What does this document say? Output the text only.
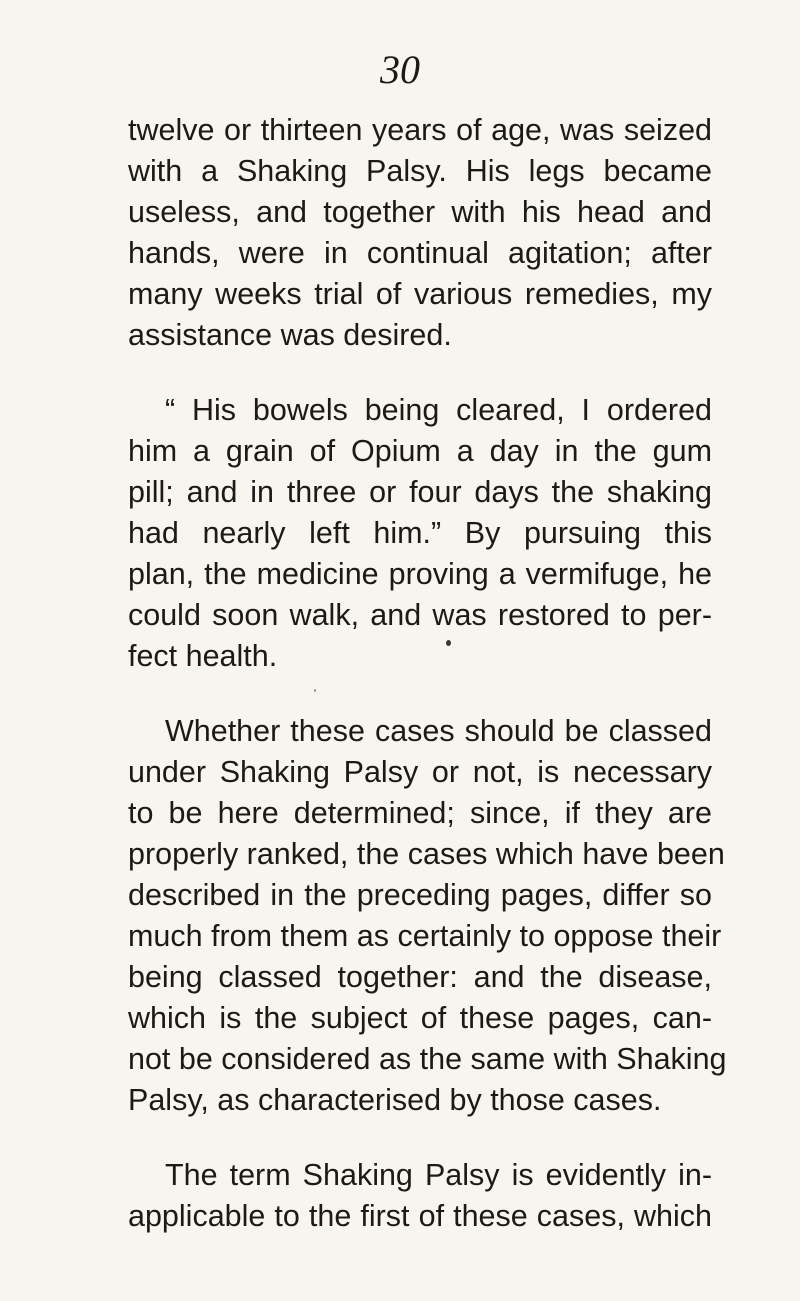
30
twelve or thirteen years of age, was seized
with a Shaking Palsy. His legs became
useless, and together with his head and
hands, were in continual agitation; after
many weeks trial of various remedies, my
assistance was desired.
“ His bowels being cleared, I ordered
him a grain of Opium a day in the gum
pill; and in three or four days the shaking
had nearly left him.” By pursuing this
plan, the medicine proving a vermifuge, he
could soon walk, and was restored to per-
fect health.
Whether these cases should be classed
under Shaking Palsy or not, is necessary
to be here determined; since, if they are
properly ranked, the cases which have been
described in the preceding pages, differ so
much from them as certainly to oppose their
being classed together: and the disease,
which is the subject of these pages, can-
not be considered as the same with Shaking
Palsy, as characterised by those cases.
The term Shaking Palsy is evidently in-
applicable to the first of these cases, which
